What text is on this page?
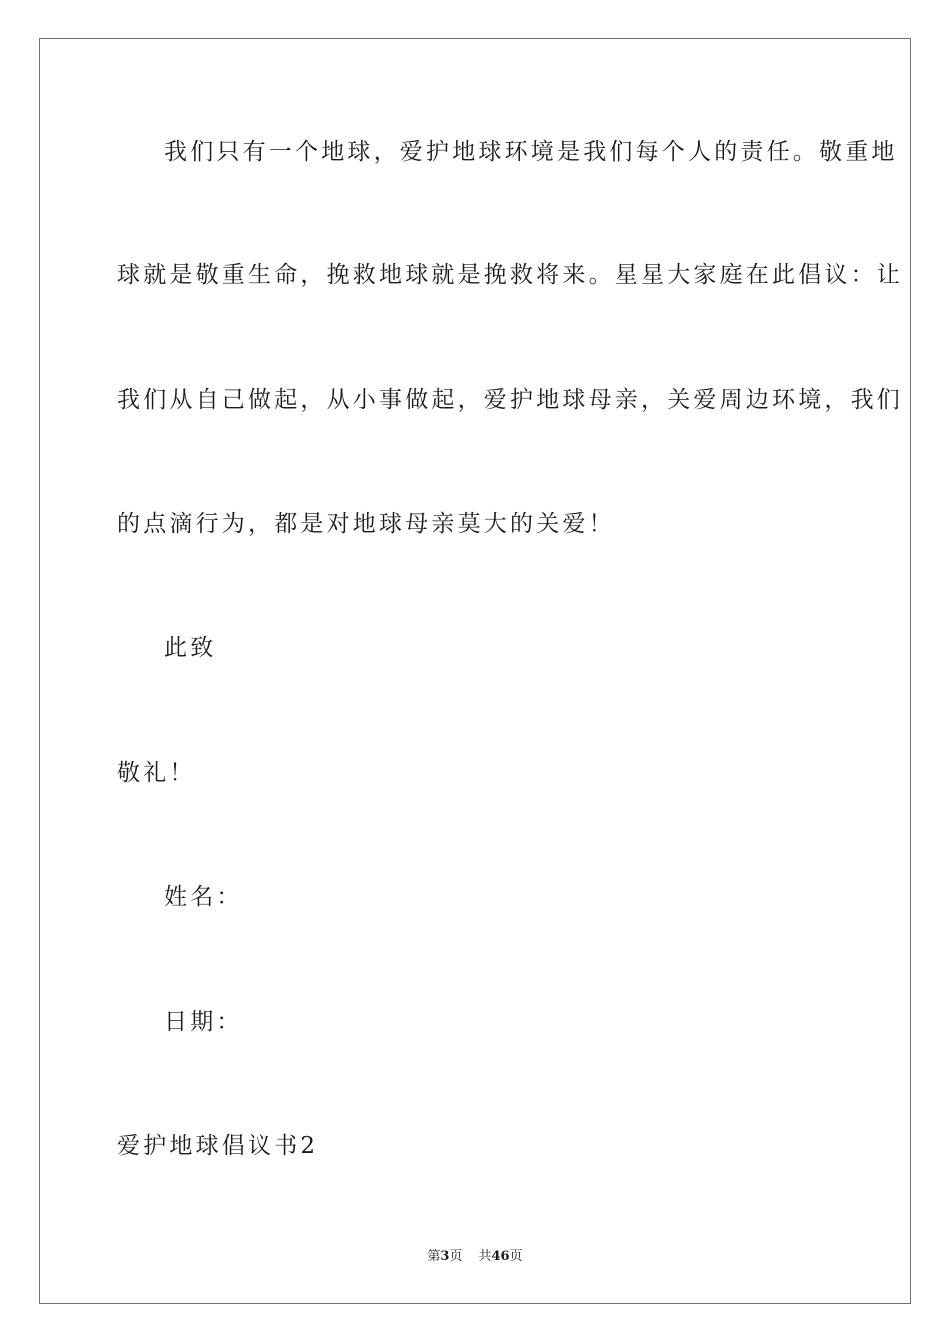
我们只有一个地球，爱护地球环境是我们每个人的责任。敬重地
球就是敬重生命，挽救地球就是挽救将来。星星大家庭在此倡议：让
我们从自己做起，从小事做起，爱护地球母亲，关爱周边环境，我们
的点滴行为，都是对地球母亲莫大的关爱！
此致
敬礼！
姓名：
日期：
爱护地球倡议书2
第3页 共46页
